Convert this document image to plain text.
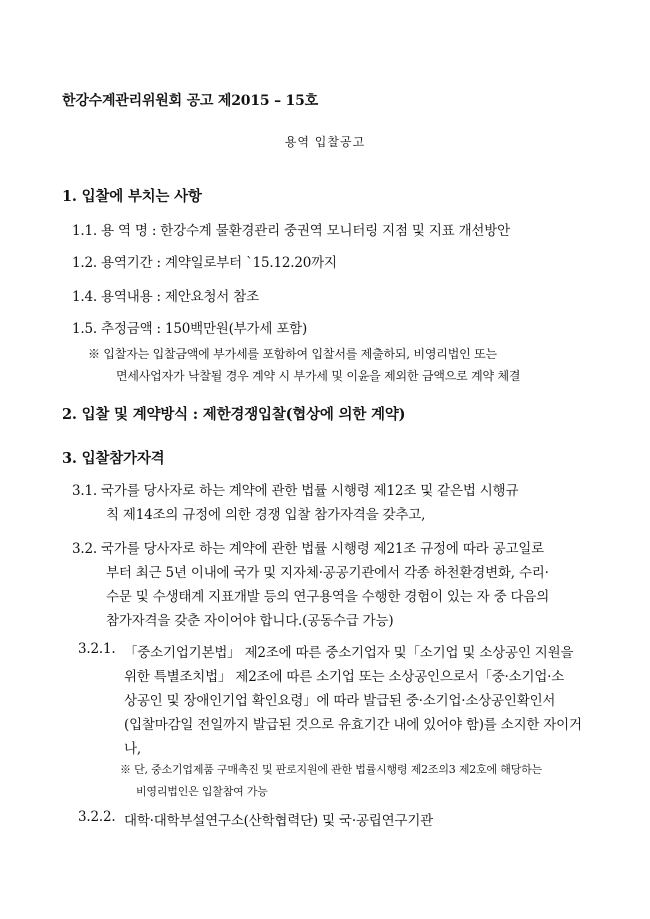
한강수계관리위원회 공고 제2015 – 15호
용역 입찰공고
1. 입찰에 부치는 사항
1.1. 용 역 명 : 한강수계 물환경관리 중권역 모니터링 지점 및 지표 개선방안
1.2. 용역기간 : 계약일로부터 `15.12.20까지
1.4. 용역내용 : 제안요청서 참조
1.5. 추정금액 : 150백만원(부가세 포함)
※ 입찰자는 입찰금액에 부가세를 포함하여 입찰서를 제출하되, 비영리법인 또는
면세사업자가 낙찰될 경우 계약 시 부가세 및 이윤을 제외한 금액으로 계약 체결
2. 입찰 및 계약방식 : 제한경쟁입찰(협상에 의한 계약)
3. 입찰참가자격
3.1. 국가를 당사자로 하는 계약에 관한 법률 시행령 제12조 및 같은법 시행규
칙 제14조의 규정에 의한 경쟁 입찰 참가자격을 갖추고,
3.2. 국가를 당사자로 하는 계약에 관한 법률 시행령 제21조 규정에 따라 공고일로
부터 최근 5년 이내에 국가 및 지자체·공공기관에서 각종 하천환경변화, 수리·
수문 및 수생태계 지표개발 등의 연구용역을 수행한 경험이 있는 자 중 다음의
참가자격을 갖춘 자이어야 합니다.(공동수급 가능)
3.2.1. 「중소기업기본법」 제2조에 따른 중소기업자 및「소기업 및 소상공인 지원을
위한 특별조치법」 제2조에 따른 소기업 또는 소상공인으로서「중·소기업·소
상공인 및 장애인기업 확인요령」에 따라 발급된 중·소기업·소상공인확인서
(입찰마감일 전일까지 발급된 것으로 유효기간 내에 있어야 함)를 소지한 자이거
나,
※ 단, 중소기업제품 구매촉진 및 판로지원에 관한 법률시행령 제2조의3 제2호에 해당하는
비영리법인은 입찰참여 가능
3.2.2. 대학·대학부설연구소(산학협력단) 및 국·공립연구기관
